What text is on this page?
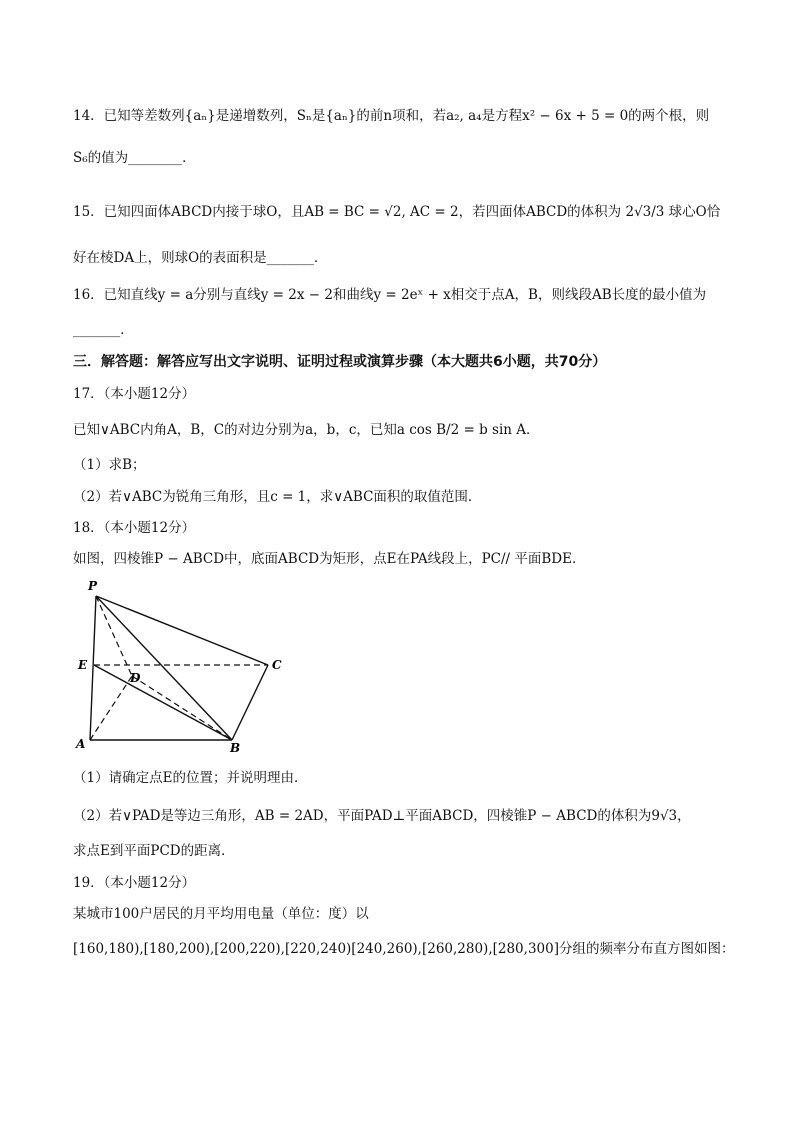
14．已知等差数列{aₙ}是递增数列，Sₙ是{aₙ}的前n项和，若a₂, a₄是方程x² − 6x + 5 = 0的两个根，则
S₆的值为________．
15．已知四面体ABCD内接于球O，且AB = BC = √2, AC = 2，若四面体ABCD的体积为 2√3/3 球心O恰
好在棱DA上，则球O的表面积是_______．
16．已知直线y = a分别与直线y = 2x − 2和曲线y = 2eˣ + x相交于点A，B，则线段AB长度的最小值为
_______．
三．解答题：解答应写出文字说明、证明过程或演算步骤（本大题共6小题，共70分）
17．（本小题12分）
已知∨ABC内角A，B，C的对边分别为a，b，c，已知a cos B/2 = b sin A．
（1）求B；
（2）若∨ABC为锐角三角形，且c = 1，求∨ABC面积的取值范围．
18．（本小题12分）
如图，四棱锥P − ABCD中，底面ABCD为矩形，点E在PA线段上，PC// 平面BDE．
P
E	C
D
A	B
（1）请确定点E的位置；并说明理由．
（2）若∨PAD是等边三角形，AB = 2AD，平面PAD⊥平面ABCD，四棱锥P − ABCD的体积为9√3，
求点E到平面PCD的距离．
19．（本小题12分）
某城市100户居民的月平均用电量（单位：度）以
[160,180),[180,200),[200,220),[220,240)[240,260),[260,280),[280,300]分组的频率分布直方图如图：
